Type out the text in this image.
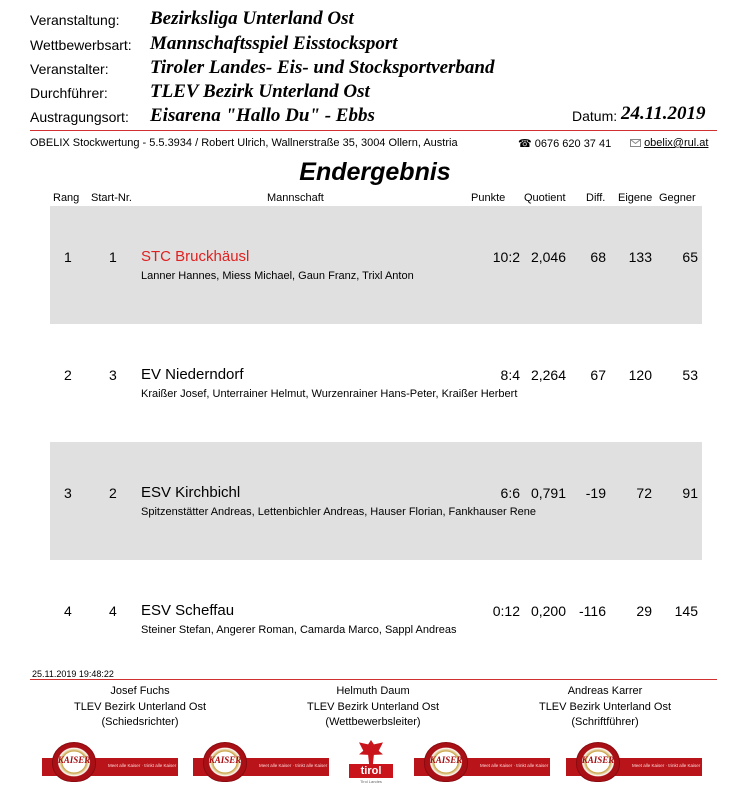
Veranstaltung: Bezirksliga Unterland Ost
Wettbewerbsart: Mannschaftsspiel Eisstocksport
Veranstalter: Tiroler Landes- Eis- und Stocksportverband
Durchführer: TLEV Bezirk Unterland Ost
Austragungsort: Eisarena "Hallo Du" - Ebbs	Datum: 24.11.2019
OBELIX Stockwertung - 5.5.3934 / Robert Ulrich, Wallnerstraße 35, 3004 Ollern, Austria	☎ 0676 620 37 41	obelix@rul.at
Endergebnis
Rang Start-Nr.	Mannschaft	Punkte Quotient Diff. Eigene Gegner
1	1 STC Bruckhäusl
Lanner Hannes, Miess Michael, Gaun Franz, Trixl Anton
10:2 2,046 68 133 65
2	3 EV Niederndorf
Kraißer Josef, Unterrainer Helmut, Wurzenrainer Hans-Peter, Kraißer Herbert
8:4 2,264 67 120 53
3	2 ESV Kirchbichl
Spitzenstätter Andreas, Lettenbichler Andreas, Hauser Florian, Fankhauser Rene
6:6 0,791 -19 72 91
4	4 ESV Scheffau
Steiner Stefan, Angerer Roman, Camarda Marco, Sappl Andreas
0:12 0,200 -116 29 145
25.11.2019 19:48:22
Josef Fuchs
TLEV Bezirk Unterland Ost
(Schiedsrichter)
Helmuth Daum
TLEV Bezirk Unterland Ost
(Wettbewerbsleiter)
Andreas Karrer
TLEV Bezirk Unterland Ost
(Schriftführer)
Meet alle Kaiser · trinkt alle Kaiser
KAISER
Meet alle Kaiser · trinkt alle Kaiser
KAISER
tirol
Tirol Landes
Meet alle Kaiser · trinkt alle Kaiser
KAISER
Meet alle Kaiser · trinkt alle Kaiser
KAISER
